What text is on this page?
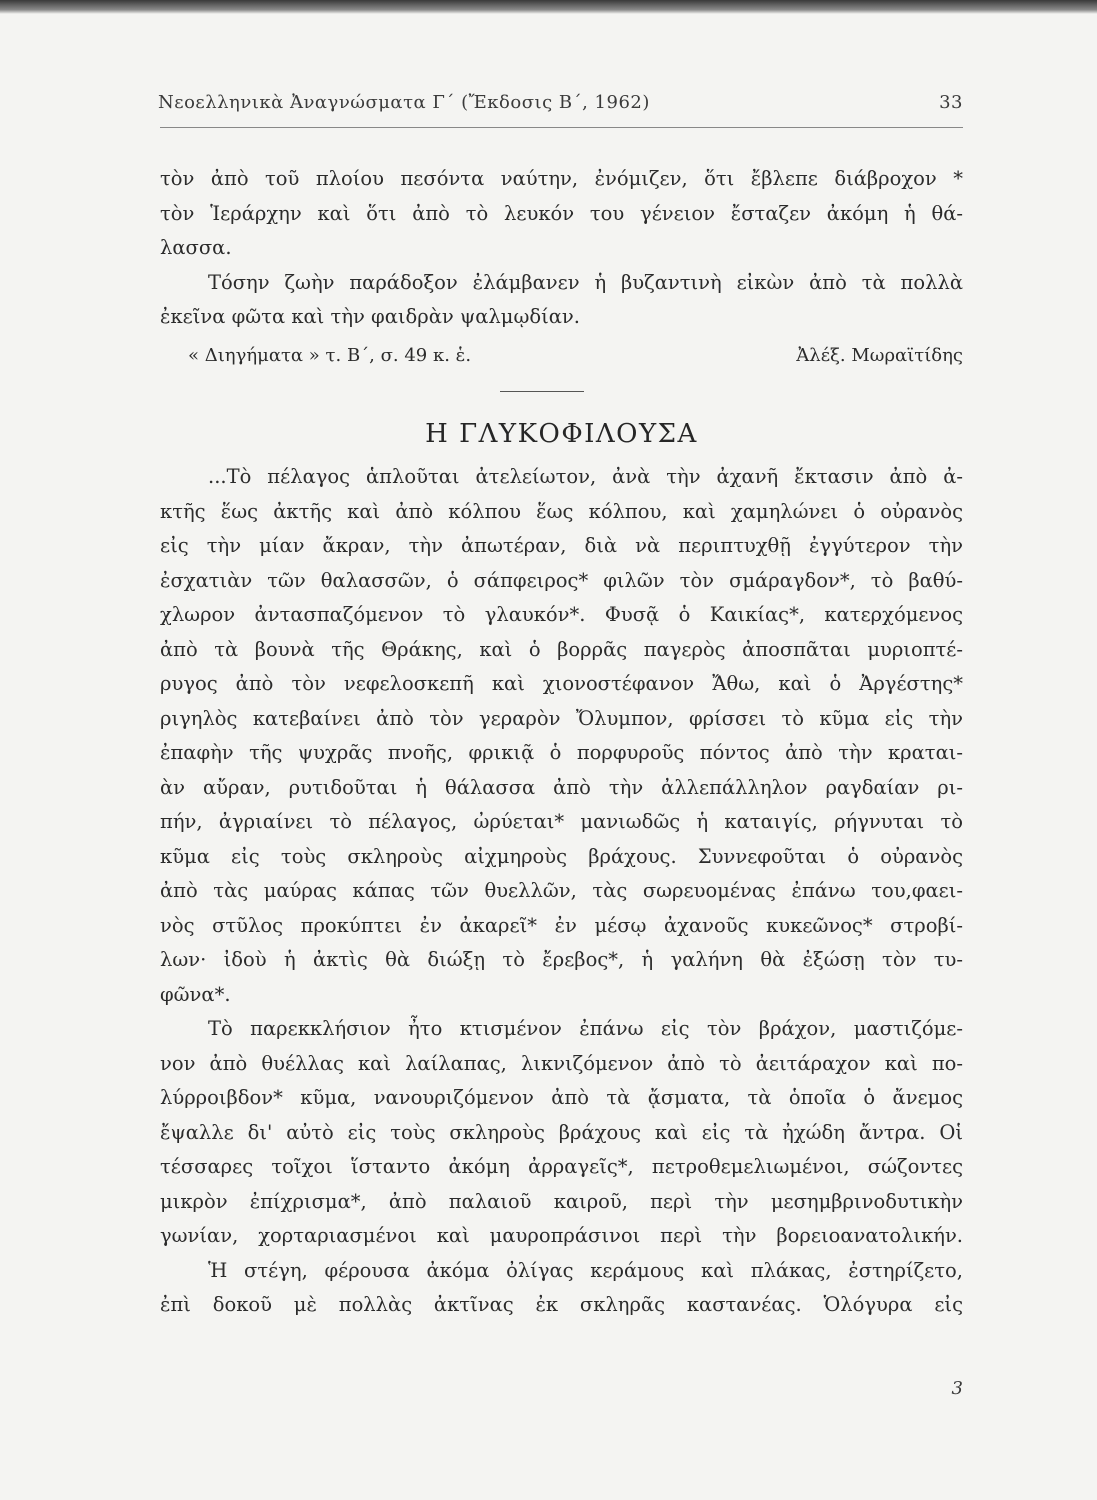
Νεοελληνικὰ Ἀναγνώσματα Γ΄ (Ἔκδοσις Β΄, 1962)	33
τὸν ἀπὸ τοῦ πλοίου πεσόντα ναύτην, ἐνόμιζεν, ὅτι ἔβλεπε διάβροχον *
τὸν Ἱεράρχην καὶ ὅτι ἀπὸ τὸ λευκόν του γένειον ἔσταζεν ἀκόμη ἡ θά-
λασσα.
Τόσην ζωὴν παράδοξον ἐλάμβανεν ἡ βυζαντινὴ εἰκὼν ἀπὸ τὰ πολλὰ
ἐκεῖνα φῶτα καὶ τὴν φαιδρὰν ψαλμῳδίαν.
« Διηγήματα » τ. Β΄, σ. 49 κ. ἑ.	Ἀλέξ. Μωραϊτίδης
Η ΓΛΥΚΟΦΙΛΟΥΣΑ
...Τὸ πέλαγος ἁπλοῦται ἀτελείωτον, ἀνὰ τὴν ἀχανῆ ἔκτασιν ἀπὸ ἀ-
κτῆς ἕως ἀκτῆς καὶ ἀπὸ κόλπου ἕως κόλπου, καὶ χαμηλώνει ὁ οὐρανὸς
εἰς τὴν μίαν ἄκραν, τὴν ἀπωτέραν, διὰ νὰ περιπτυχθῇ ἐγγύτερον τὴν
ἐσχατιὰν τῶν θαλασσῶν, ὁ σάπφειρος* φιλῶν τὸν σμάραγδον*, τὸ βαθύ-
χλωρον ἀντασπαζόμενον τὸ γλαυκόν*. Φυσᾷ ὁ Καικίας*, κατερχόμενος
ἀπὸ τὰ βουνὰ τῆς Θράκης, καὶ ὁ βορρᾶς παγερὸς ἀποσπᾶται μυριοπτέ-
ρυγος ἀπὸ τὸν νεφελοσκεπῆ καὶ χιονοστέφανον Ἄθω, καὶ ὁ Ἀργέστης*
ριγηλὸς κατεβαίνει ἀπὸ τὸν γεραρὸν Ὄλυμπον, φρίσσει τὸ κῦμα εἰς τὴν
ἐπαφὴν τῆς ψυχρᾶς πνοῆς, φρικιᾷ ὁ πορφυροῦς πόντος ἀπὸ τὴν κραται-
ὰν αὔραν, ρυτιδοῦται ἡ θάλασσα ἀπὸ τὴν ἀλλεπάλληλον ραγδαίαν ρι-
πήν, ἀγριαίνει τὸ πέλαγος, ὠρύεται* μανιωδῶς ἡ καταιγίς, ρήγνυται τὸ
κῦμα εἰς τοὺς σκληροὺς αἰχμηροὺς βράχους. Συννεφοῦται ὁ οὐρανὸς
ἀπὸ τὰς μαύρας κάπας τῶν θυελλῶν, τὰς σωρευομένας ἐπάνω του,φαει-
νὸς στῦλος προκύπτει ἐν ἀκαρεῖ* ἐν μέσῳ ἀχανοῦς κυκεῶνος* στροβί-
λων· ἰδοὺ ἡ ἀκτὶς θὰ διώξῃ τὸ ἔρεβος*, ἡ γαλήνη θὰ ἐξώσῃ τὸν τυ-
φῶνα*.
Τὸ παρεκκλήσιον ἦτο κτισμένον ἐπάνω εἰς τὸν βράχον, μαστιζόμε-
νον ἀπὸ θυέλλας καὶ λαίλαπας, λικνιζόμενον ἀπὸ τὸ ἀειτάραχον καὶ πο-
λύρροιβδον* κῦμα, νανουριζόμενον ἀπὸ τὰ ᾄσματα, τὰ ὁποῖα ὁ ἄνεμος
ἔψαλλε δι' αὐτὸ εἰς τοὺς σκληροὺς βράχους καὶ εἰς τὰ ἠχώδη ἄντρα. Οἱ
τέσσαρες τοῖχοι ἵσταντο ἀκόμη ἀρραγεῖς*, πετροθεμελιωμένοι, σώζοντες
μικρὸν ἐπίχρισμα*, ἀπὸ παλαιοῦ καιροῦ, περὶ τὴν μεσημβρινοδυτικὴν
γωνίαν, χορταριασμένοι καὶ μαυροπράσινοι περὶ τὴν βορειοανατολικήν.
Ἡ στέγη, φέρουσα ἀκόμα ὀλίγας κεράμους καὶ πλάκας, ἐστηρίζετο,
ἐπὶ δοκοῦ μὲ πολλὰς ἀκτῖνας ἐκ σκληρᾶς καστανέας. Ὁλόγυρα εἰς
3
